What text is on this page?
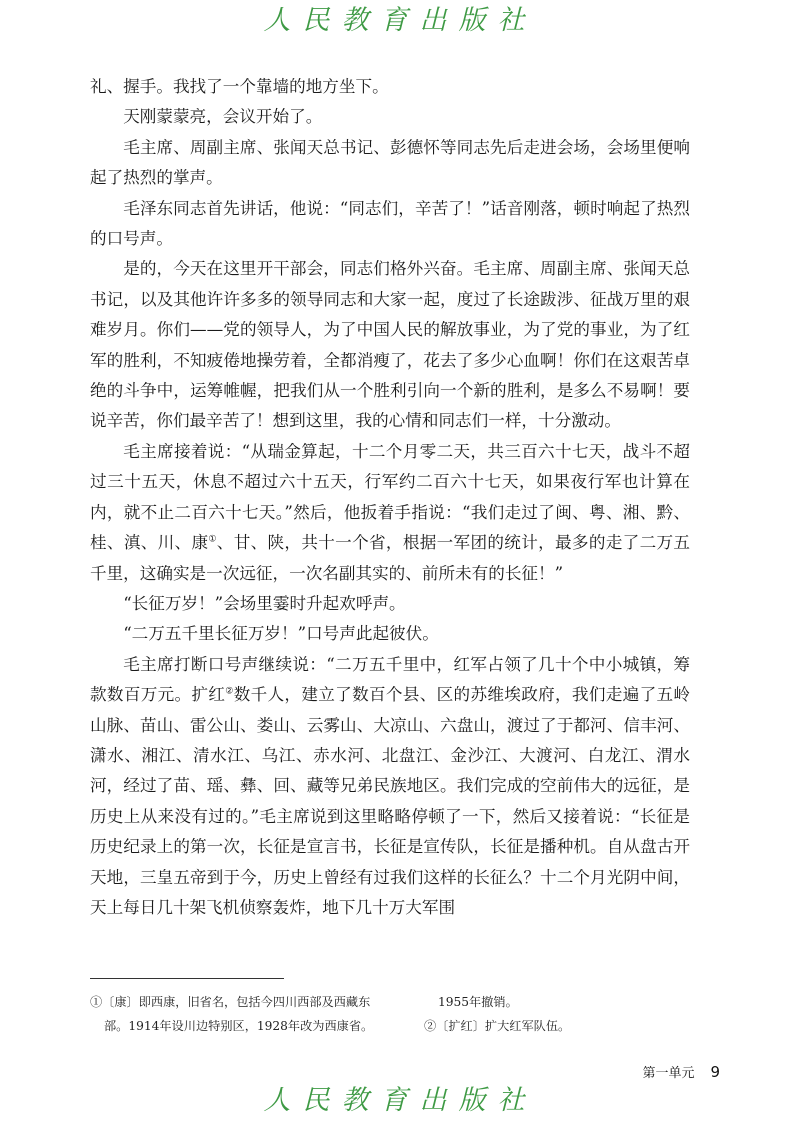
人民教育出版社

礼、握手。我找了一个靠墙的地方坐下。

天刚蒙蒙亮，会议开始了。

毛主席、周副主席、张闻天总书记、彭德怀等同志先后走进会场，会场里便响起了热烈的掌声。

毛泽东同志首先讲话，他说：“同志们，辛苦了！”话音刚落，顿时响起了热烈的口号声。

是的，今天在这里开干部会，同志们格外兴奋。毛主席、周副主席、张闻天总书记，以及其他许许多多的领导同志和大家一起，度过了长途跋涉、征战万里的艰难岁月。你们——党的领导人，为了中国人民的解放事业，为了党的事业，为了红军的胜利，不知疲倦地操劳着，全都消瘦了，花去了多少心血啊！你们在这艰苦卓绝的斗争中，运筹帷幄，把我们从一个胜利引向一个新的胜利，是多么不易啊！要说辛苦，你们最辛苦了！想到这里，我的心情和同志们一样，十分激动。

毛主席接着说：“从瑞金算起，十二个月零二天，共三百六十七天，战斗不超过三十五天，休息不超过六十五天，行军约二百六十七天，如果夜行军也计算在内，就不止二百六十七天。”然后，他扳着手指说：“我们走过了闽、粤、湘、黔、桂、滇、川、康①、甘、陕，共十一个省，根据一军团的统计，最多的走了二万五千里，这确实是一次远征，一次名副其实的、前所未有的长征！”

“长征万岁！”会场里霎时升起欢呼声。

“二万五千里长征万岁！”口号声此起彼伏。

毛主席打断口号声继续说：“二万五千里中，红军占领了几十个中小城镇，筹款数百万元。扩红②数千人，建立了数百个县、区的苏维埃政府，我们走遍了五岭山脉、苗山、雷公山、娄山、云雾山、大凉山、六盘山，渡过了于都河、信丰河、潇水、湘江、清水江、乌江、赤水河、北盘江、金沙江、大渡河、白龙江、渭水河，经过了苗、瑶、彝、回、藏等兄弟民族地区。我们完成的空前伟大的远征，是历史上从来没有过的。”毛主席说到这里略略停顿了一下，然后又接着说：“长征是历史纪录上的第一次，长征是宣言书，长征是宣传队，长征是播种机。自从盘古开天地，三皇五帝到于今，历史上曾经有过我们这样的长征么？十二个月光阴中间，天上每日几十架飞机侦察轰炸，地下几十万大军围

①〔康〕即西康，旧省名，包括今四川西部及西藏东
部。1914年设川边特别区，1928年改为西康省。
1955年撤销。
②〔扩红〕扩大红军队伍。
第一单元 9
人民教育出版社
